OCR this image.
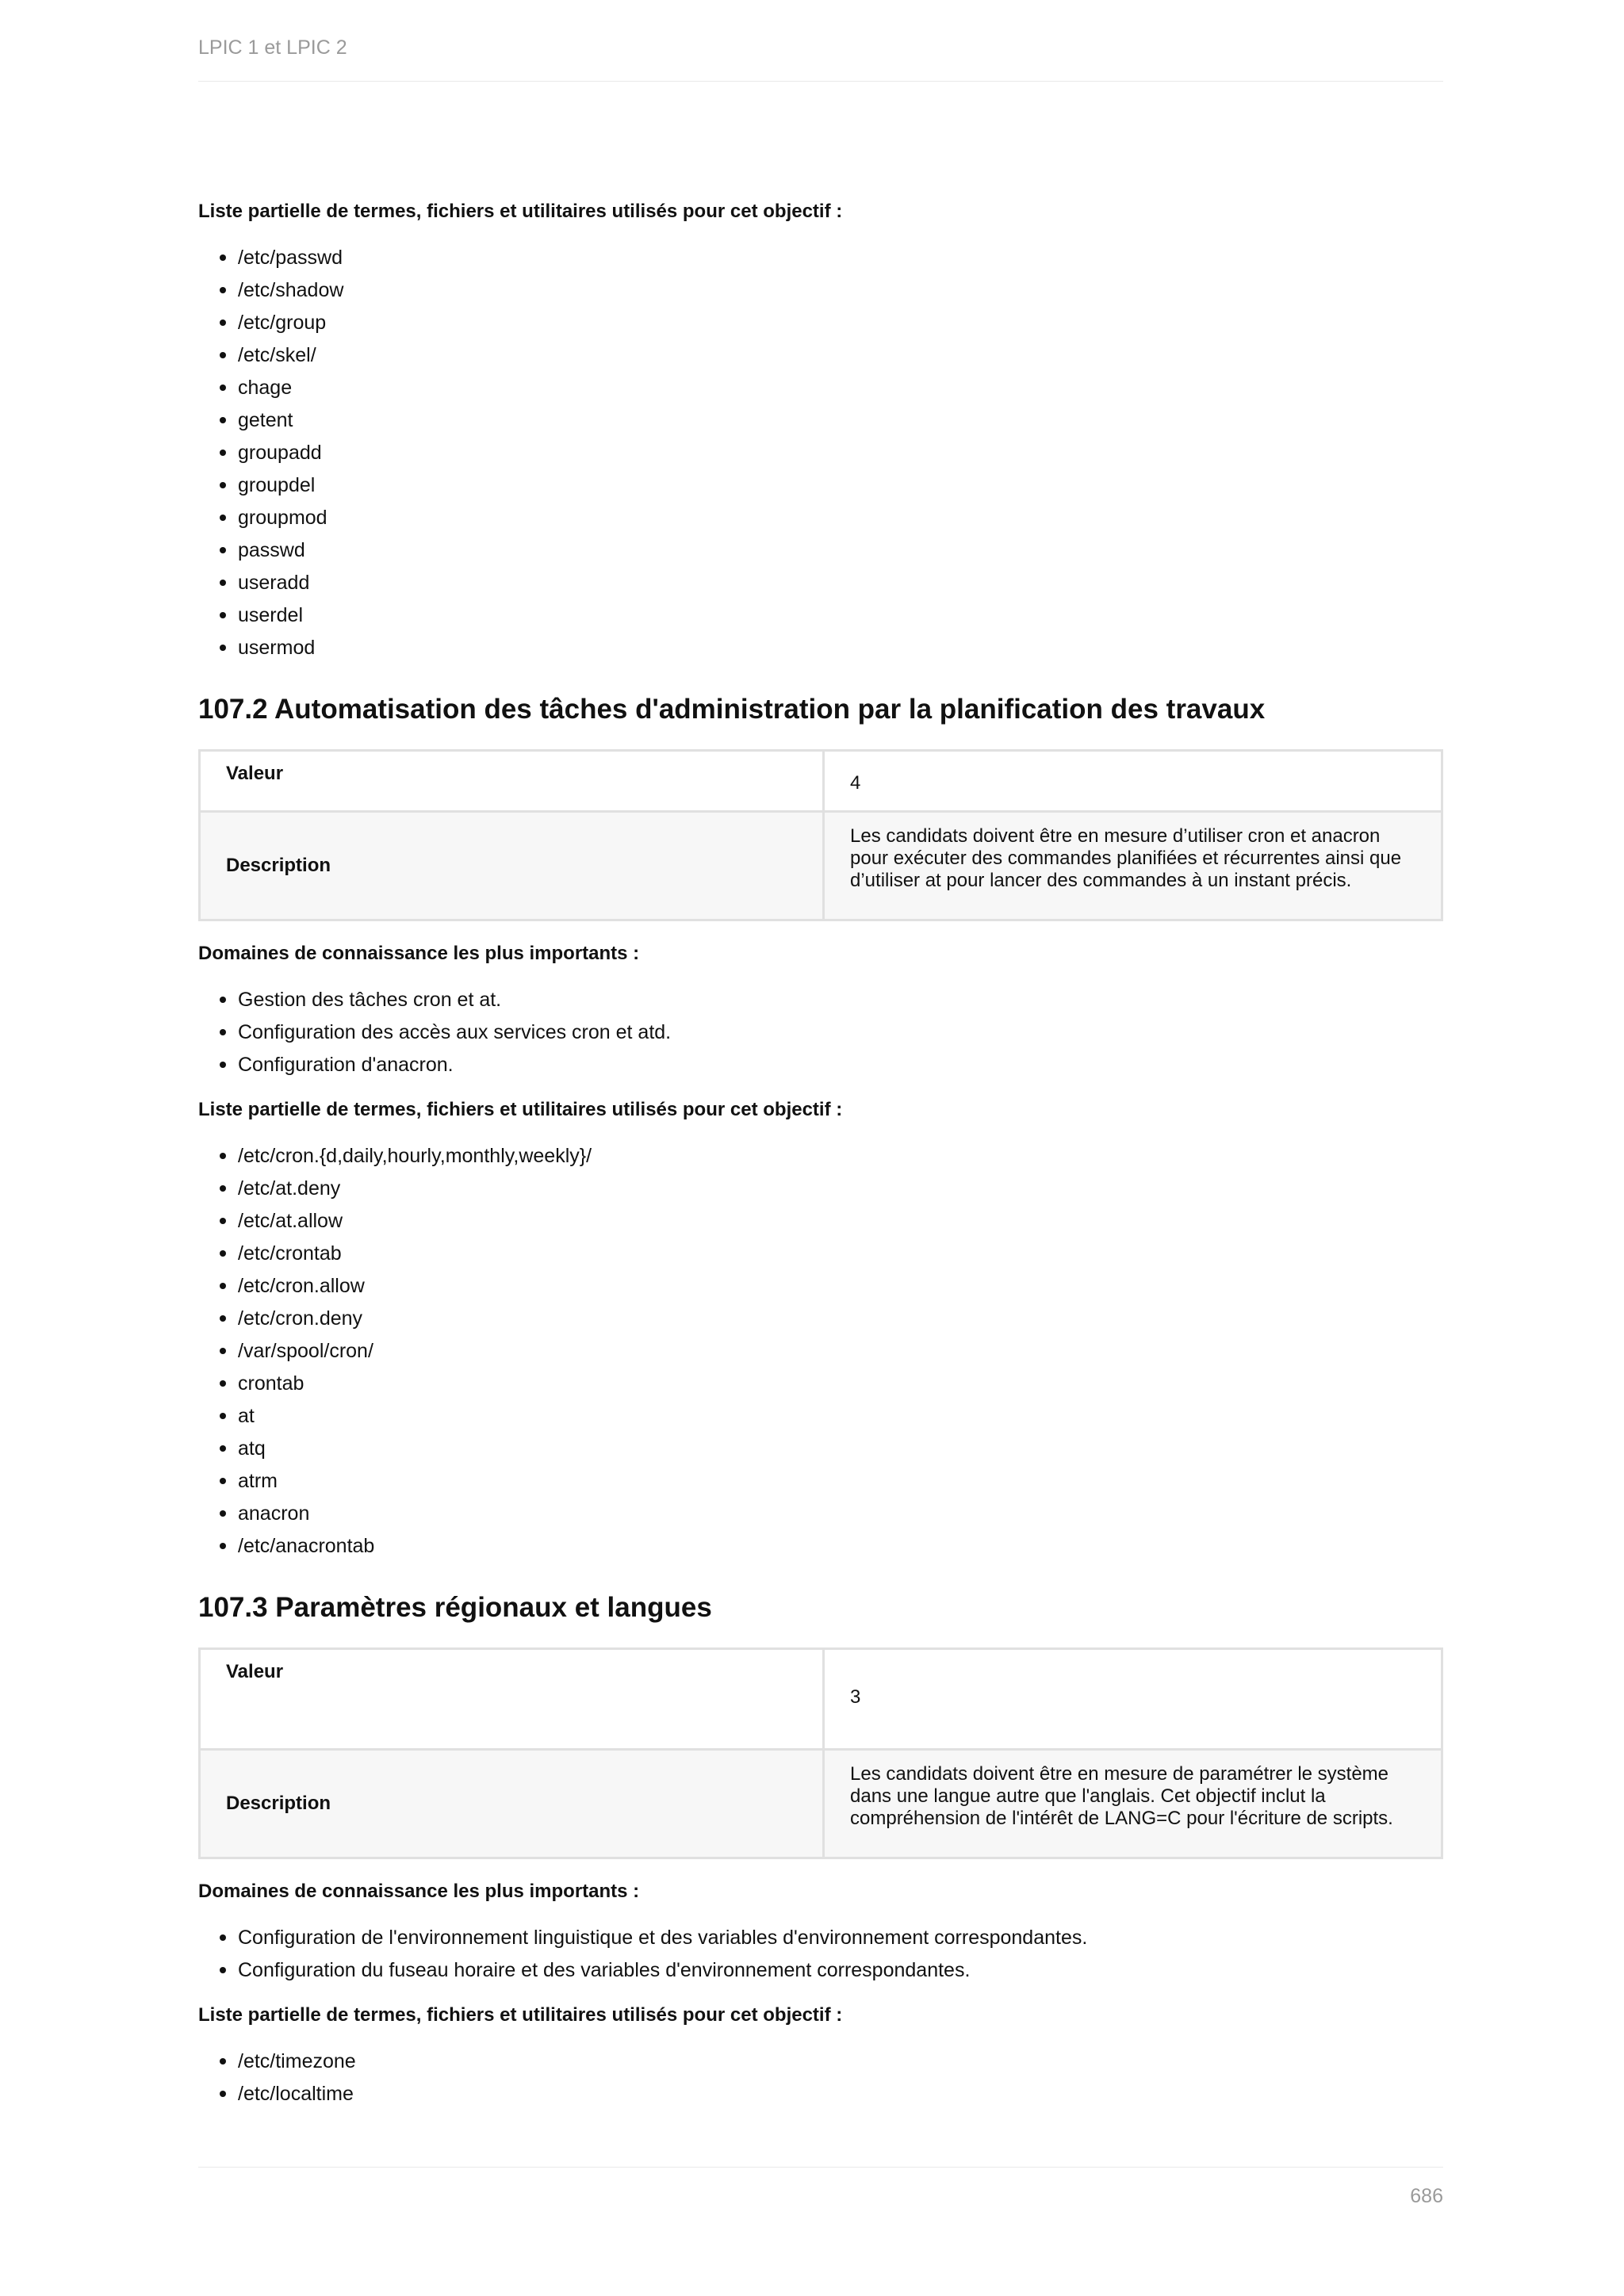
LPIC 1 et LPIC 2
Liste partielle de termes, fichiers et utilitaires utilisés pour cet objectif :
• /etc/passwd
• /etc/shadow
• /etc/group
• /etc/skel/
• chage
• getent
• groupadd
• groupdel
• groupmod
• passwd
• useradd
• userdel
• usermod
107.2 Automatisation des tâches d'administration par la planification des travaux
Valeur	4
Description	Les candidats doivent être en mesure d’utiliser cron et anacron pour exécuter des commandes planifiées et récurrentes ainsi que d’utiliser at pour lancer des commandes à un instant précis.
Domaines de connaissance les plus importants :
• Gestion des tâches cron et at.
• Configuration des accès aux services cron et atd.
• Configuration d'anacron.
Liste partielle de termes, fichiers et utilitaires utilisés pour cet objectif :
• /etc/cron.{d,daily,hourly,monthly,weekly}/
• /etc/at.deny
• /etc/at.allow
• /etc/crontab
• /etc/cron.allow
• /etc/cron.deny
• /var/spool/cron/
• crontab
• at
• atq
• atrm
• anacron
• /etc/anacrontab
107.3 Paramètres régionaux et langues
Valeur	3
Description	Les candidats doivent être en mesure de paramétrer le système dans une langue autre que l'anglais. Cet objectif inclut la compréhension de l'intérêt de LANG=C pour l'écriture de scripts.
Domaines de connaissance les plus importants :
• Configuration de l'environnement linguistique et des variables d'environnement correspondantes.
• Configuration du fuseau horaire et des variables d'environnement correspondantes.
Liste partielle de termes, fichiers et utilitaires utilisés pour cet objectif :
• /etc/timezone
• /etc/localtime
686
